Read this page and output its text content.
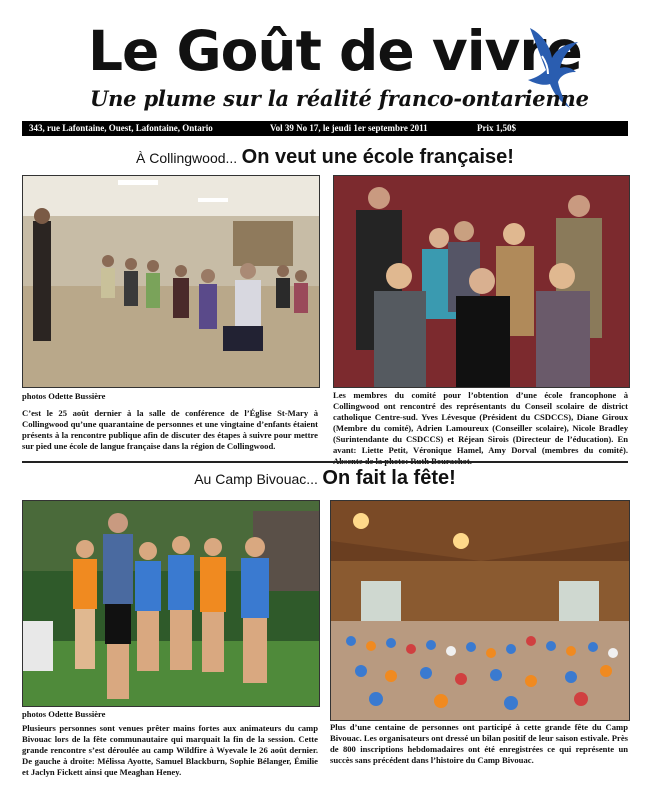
Le Goût de vivre
Une plume sur la réalité franco-ontarienne
343, rue Lafontaine, Ouest, Lafontaine, Ontario	Vol 39 No 17, le jeudi 1er septembre 2011	Prix 1,50$
À Collingwood... On veut une école française!
photos Odette Bussière
C’est le 25 août dernier à la salle de conférence de l’Église St-Mary à Collingwood qu’une quarantaine de personnes et une vingtaine d’enfants étaient présents à la rencontre publique afin de discuter des étapes à suivre pour mettre sur pied une école de langue française dans la région de Collingwood.
Les membres du comité pour l’obtention d’une école francophone à Collingwood ont rencontré des représentants du Conseil scolaire de district catholique Centre-sud. Yves Lévesque (Président du CSDCCS), Diane Giroux (Membre du comité), Adrien Lamoureux (Conseiller scolaire), Nicole Bradley (Surintendante du CSDCCS) et Réjean Sirois (Directeur de l’éducation). En avant: Liette Petit, Véronique Hamel, Amy Dorval (membres du comité).
Au Camp Bivouac... On fait la fête!
photos Odette Bussière
Plusieurs personnes sont venues prêter mains fortes aux animateurs du camp Bivouac lors de la fête communautaire qui marquait la fin de la session. Cette grande rencontre s’est déroulée au camp Wildfire à Wyevale le 26 août dernier. De gauche à droite: Mélissa Ayotte, Samuel Blackburn, Sophie Bélanger, Émilie et Jaclyn Fickett ainsi que Meaghan Heney.
Plus d’une centaine de personnes ont participé à cette grande fête du Camp Bivouac. Les organisateurs ont dressé un bilan positif de leur saison estivale. Près de 800 inscriptions hebdomadaires ont été enregistrées ce qui représente un succès sans précédent dans l’histoire du Camp Bivouac.
